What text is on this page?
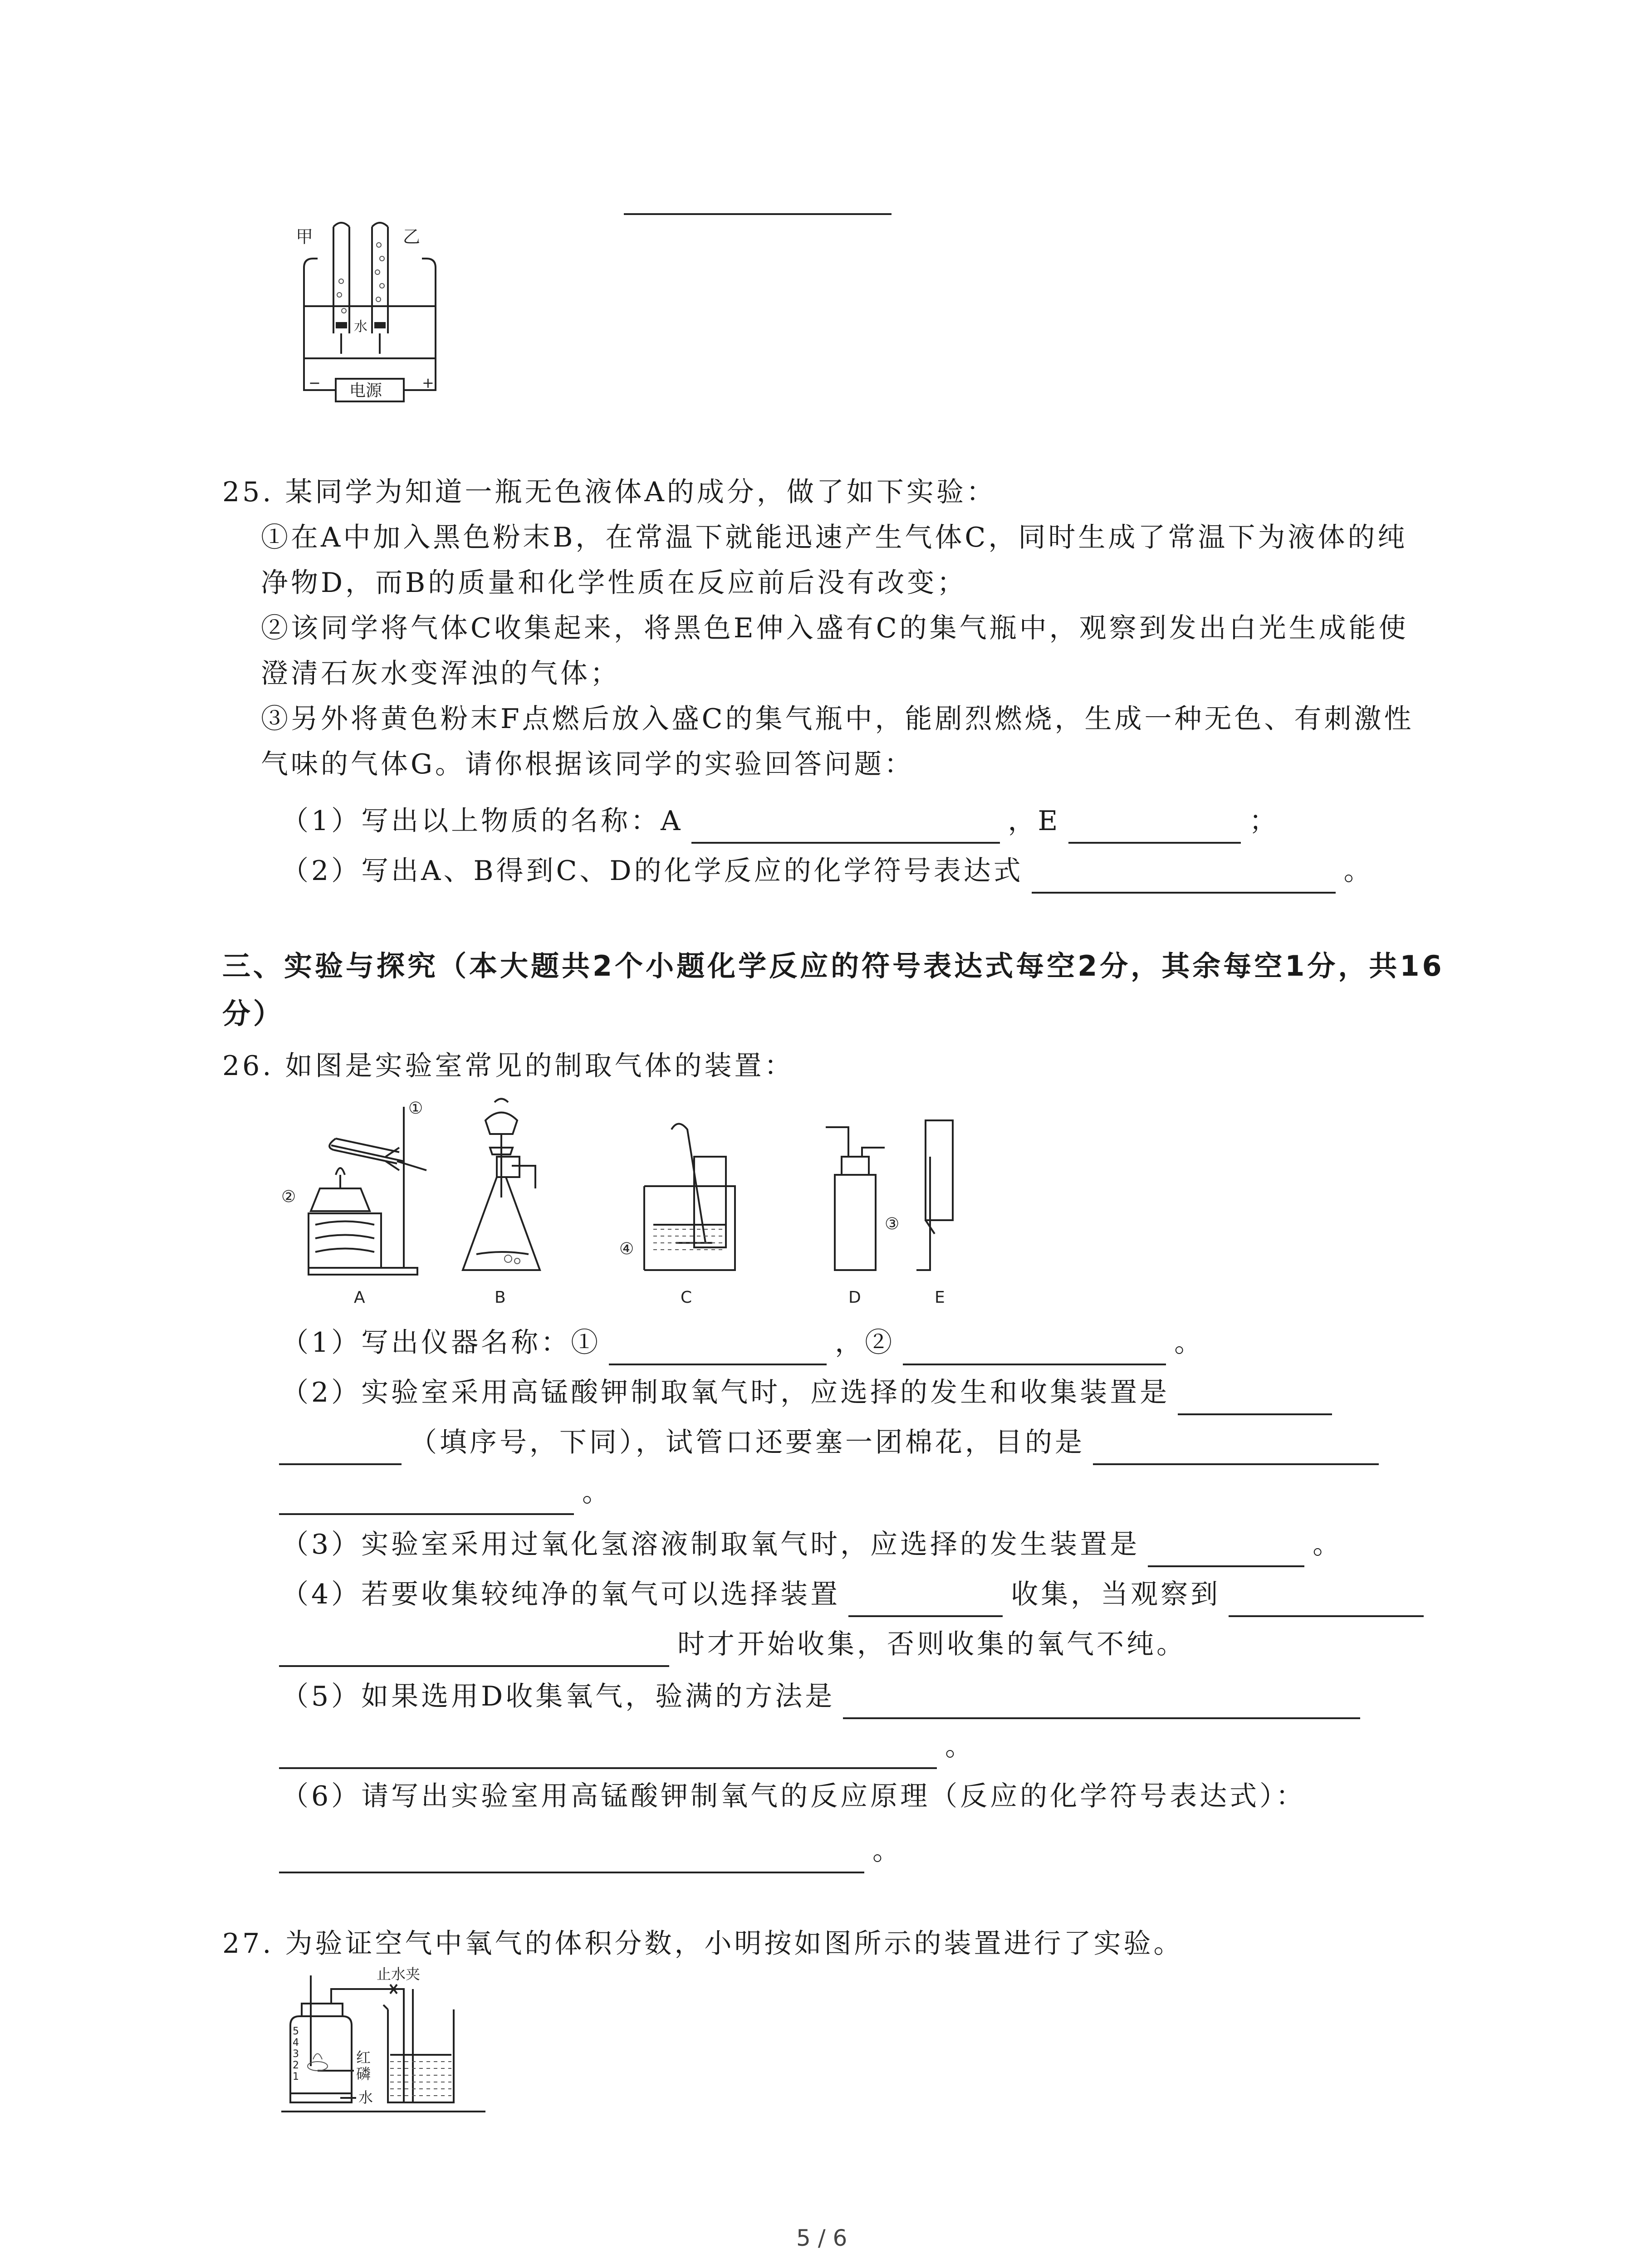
甲	乙
水
电源
−	+
25. 某同学为知道一瓶无色液体A的成分，做了如下实验：
①在A中加入黑色粉末B，在常温下就能迅速产生气体C，同时生成了常温下为液体的纯
净物D，而B的质量和化学性质在反应前后没有改变；
②该同学将气体C收集起来，将黑色E伸入盛有C的集气瓶中，观察到发出白光生成能使
澄清石灰水变浑浊的气体；
③另外将黄色粉末F点燃后放入盛C的集气瓶中，能剧烈燃烧，生成一种无色、有刺激性
气味的气体G。请你根据该同学的实验回答问题：
（1）写出以上物质的名称：A	，E	；
（2）写出A、B得到C、D的化学反应的化学符号表达式	。
三、实验与探究（本大题共2个小题化学反应的符号表达式每空2分，其余每空1分，共16
分）
26. 如图是实验室常见的制取气体的装置：
①
②
③
④
A	B	C	D	E
（1）写出仪器名称：①	，②	。
（2）实验室采用高锰酸钾制取氧气时，应选择的发生和收集装置是
（填序号，下同），试管口还要塞一团棉花，目的是
。
（3）实验室采用过氧化氢溶液制取氧气时，应选择的发生装置是	。
（4）若要收集较纯净的氧气可以选择装置	收集，当观察到
时才开始收集，否则收集的氧气不纯。
（5）如果选用D收集氧气，验满的方法是
。
（6）请写出实验室用高锰酸钾制氧气的反应原理（反应的化学符号表达式）：
。
27. 为验证空气中氧气的体积分数，小明按如图所示的装置进行了实验。
止水夹
红
磷
水
5
4
3
2
1
5 / 6
